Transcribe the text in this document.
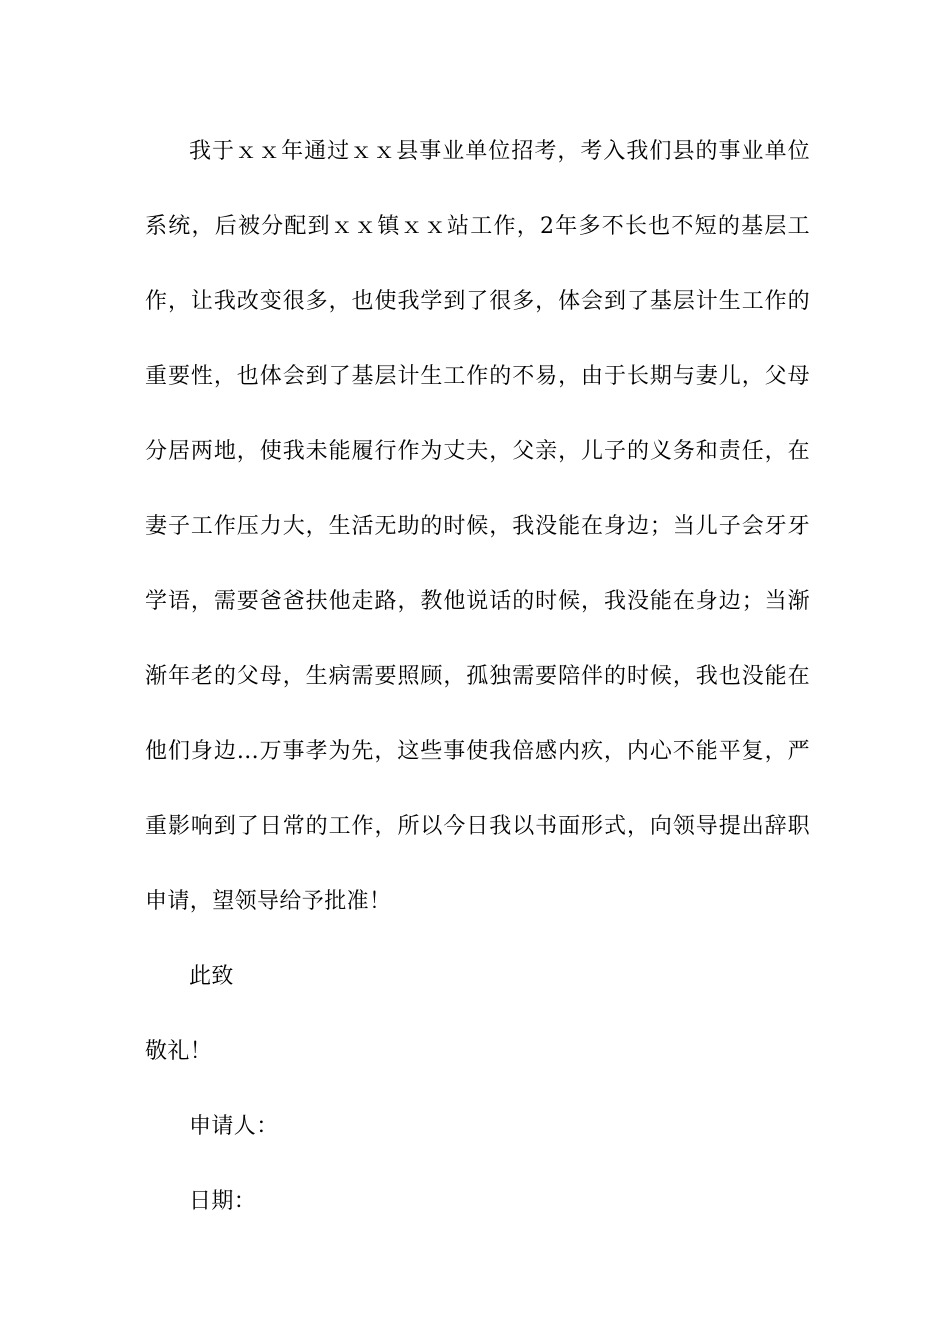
我于ｘｘ年通过ｘｘ县事业单位招考，考入我们县的事业单位
系统，后被分配到ｘｘ镇ｘｘ站工作，2年多不长也不短的基层工
作，让我改变很多，也使我学到了很多，体会到了基层计生工作的
重要性，也体会到了基层计生工作的不易，由于长期与妻儿，父母
分居两地，使我未能履行作为丈夫，父亲，儿子的义务和责任，在
妻子工作压力大，生活无助的时候，我没能在身边；当儿子会牙牙
学语，需要爸爸扶他走路，教他说话的时候，我没能在身边；当渐
渐年老的父母，生病需要照顾，孤独需要陪伴的时候，我也没能在
他们身边...万事孝为先，这些事使我倍感内疚，内心不能平复，严
重影响到了日常的工作，所以今日我以书面形式，向领导提出辞职
申请，望领导给予批准！
此致
敬礼！
申请人：
日期：
